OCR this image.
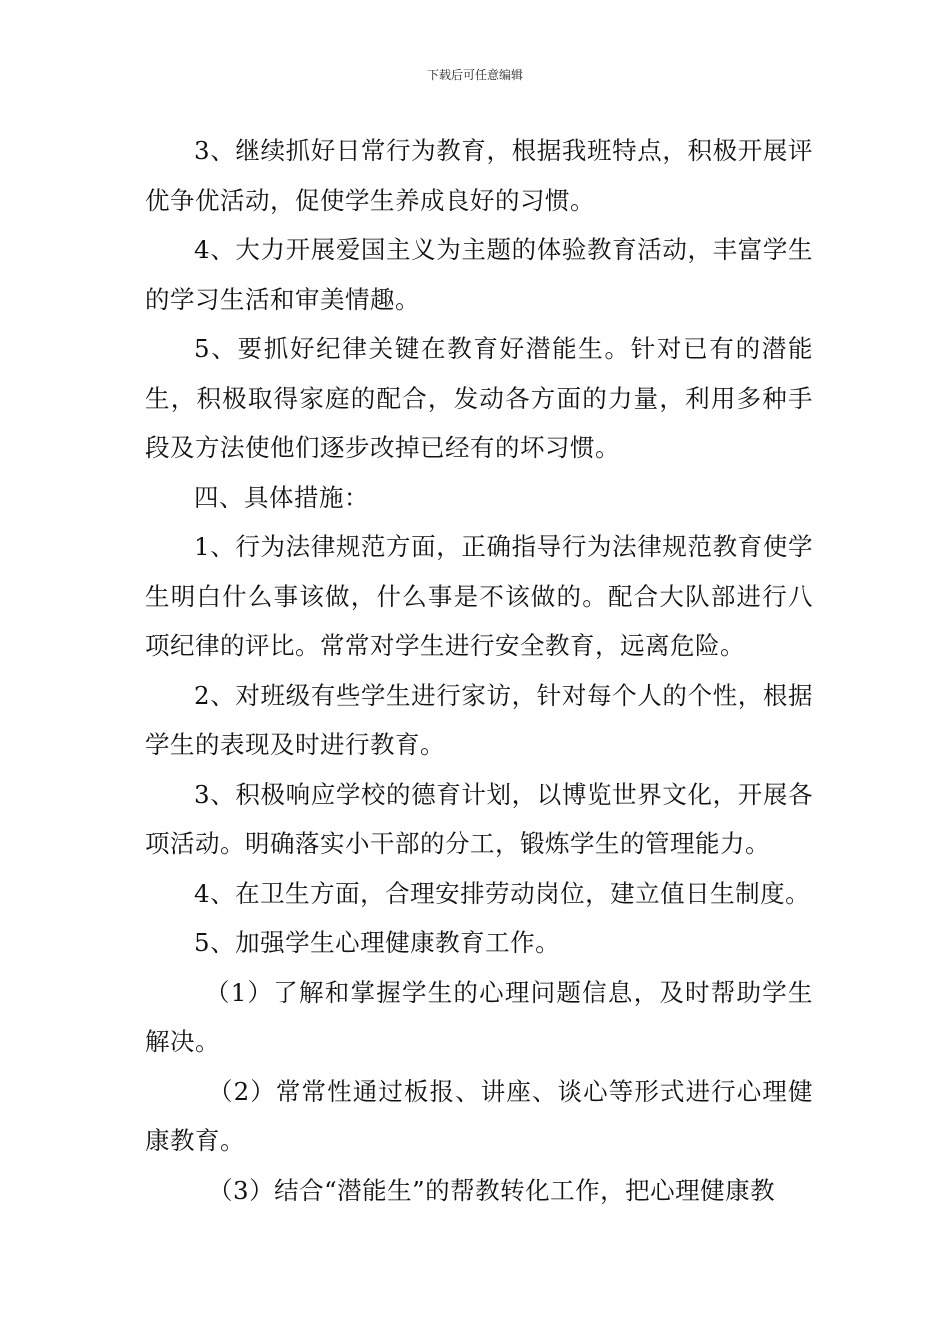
下载后可任意编辑

3、继续抓好日常行为教育，根据我班特点，积极开展评优争优活动，促使学生养成良好的习惯。

4、大力开展爱国主义为主题的体验教育活动，丰富学生的学习生活和审美情趣。

5、要抓好纪律关键在教育好潜能生。针对已有的潜能生，积极取得家庭的配合，发动各方面的力量，利用多种手段及方法使他们逐步改掉已经有的坏习惯。

四、具体措施：

1、行为法律规范方面，正确指导行为法律规范教育使学生明白什么事该做，什么事是不该做的。配合大队部进行八项纪律的评比。常常对学生进行安全教育，远离危险。

2、对班级有些学生进行家访，针对每个人的个性，根据学生的表现及时进行教育。

3、积极响应学校的德育计划，以博览世界文化，开展各项活动。明确落实小干部的分工，锻炼学生的管理能力。

4、在卫生方面，合理安排劳动岗位，建立值日生制度。

5、加强学生心理健康教育工作。

（1）了解和掌握学生的心理问题信息，及时帮助学生解决。

（2）常常性通过板报、讲座、谈心等形式进行心理健康教育。

（3）结合“潜能生”的帮教转化工作，把心理健康教
